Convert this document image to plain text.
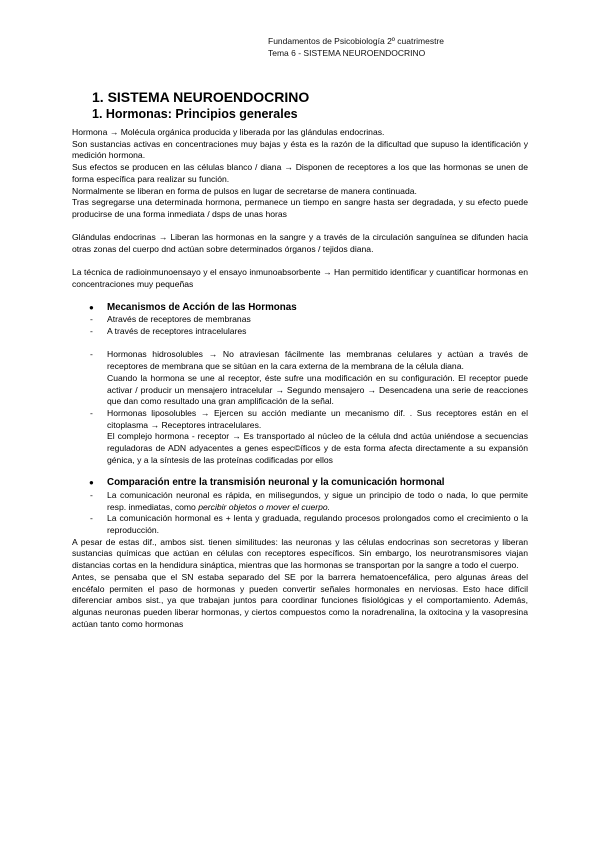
Fundamentos de Psicobiología 2º cuatrimestre
Tema 6 - SISTEMA NEUROENDOCRINO
1. SISTEMA NEUROENDOCRINO
1. Hormonas: Principios generales

Hormona → Molécula orgánica producida y liberada por las glándulas endocrinas.

Son sustancias activas en concentraciones muy bajas y ésta es la razón de la dificultad que supuso la identificación y medición hormona.

Sus efectos se producen en las células blanco / diana → Disponen de receptores a los que las hormonas se unen de forma específica para realizar su función.

Normalmente se liberan en forma de pulsos en lugar de secretarse de manera continuada.

Tras segregarse una determinada hormona, permanece un tiempo en sangre hasta ser degradada, y su efecto puede producirse de una forma inmediata / dsps de unas horas

Glándulas endocrinas → Liberan las hormonas en la sangre y a través de la circulación sanguínea se difunden hacia otras zonas del cuerpo dnd actúan sobre determinados órganos / tejidos diana.

La técnica de radioinmunoensayo y el ensayo inmunoabsorbente → Han permitido identificar y cuantificar hormonas en concentraciones muy pequeñas

● Mecanismos de Acción de las Hormonas
- Através de receptores de membranas
- A través de receptores intracelulares
- Hormonas hidrosolubles → No atraviesan fácilmente las membranas celulares y actúan a través de receptores de membrana que se sitúan en la cara externa de la membrana de la célula diana.
Cuando la hormona se une al receptor, éste sufre una modificación en su configuración. El receptor puede activar / producir un mensajero intracelular → Segundo mensajero → Desencadena una serie de reacciones que dan como resultado una gran amplificación de la señal.
- Hormonas liposolubles → Ejercen su acción mediante un mecanismo dif. . Sus receptores están en el citoplasma → Receptores intracelulares.
El complejo hormona - receptor → Es transportado al núcleo de la célula dnd actúa uniéndose a secuencias reguladoras de ADN adyacentes a genes espec©íficos y de esta forma afecta directamente a su expansión génica, y a la síntesis de las proteínas codificadas por ellos
● Comparación entre la transmisión neuronal y la comunicación hormonal
- La comunicación neuronal es rápida, en milisegundos, y sigue un principio de todo o nada, lo que permite resp. inmediatas, como percibir objetos o mover el cuerpo.
- La comunicación hormonal es + lenta y graduada, regulando procesos prolongados como el crecimiento o la reproducción.

A pesar de estas dif., ambos sist. tienen similitudes: las neuronas y las células endocrinas son secretoras y liberan sustancias químicas que actúan en células con receptores específicos. Sin embargo, los neurotransmisores viajan distancias cortas en la hendidura sináptica, mientras que las hormonas se transportan por la sangre a todo el cuerpo.

Antes, se pensaba que el SN estaba separado del SE por la barrera hematoencefálica, pero algunas áreas del encéfalo permiten el paso de hormonas y pueden convertir señales hormonales en nerviosas. Esto hace difícil diferenciar ambos sist., ya que trabajan juntos para coordinar funciones fisiológicas y el comportamiento. Además, algunas neuronas pueden liberar hormonas, y ciertos compuestos como la noradrenalina, la oxitocina y la vasopresina actúan tanto como hormonas
